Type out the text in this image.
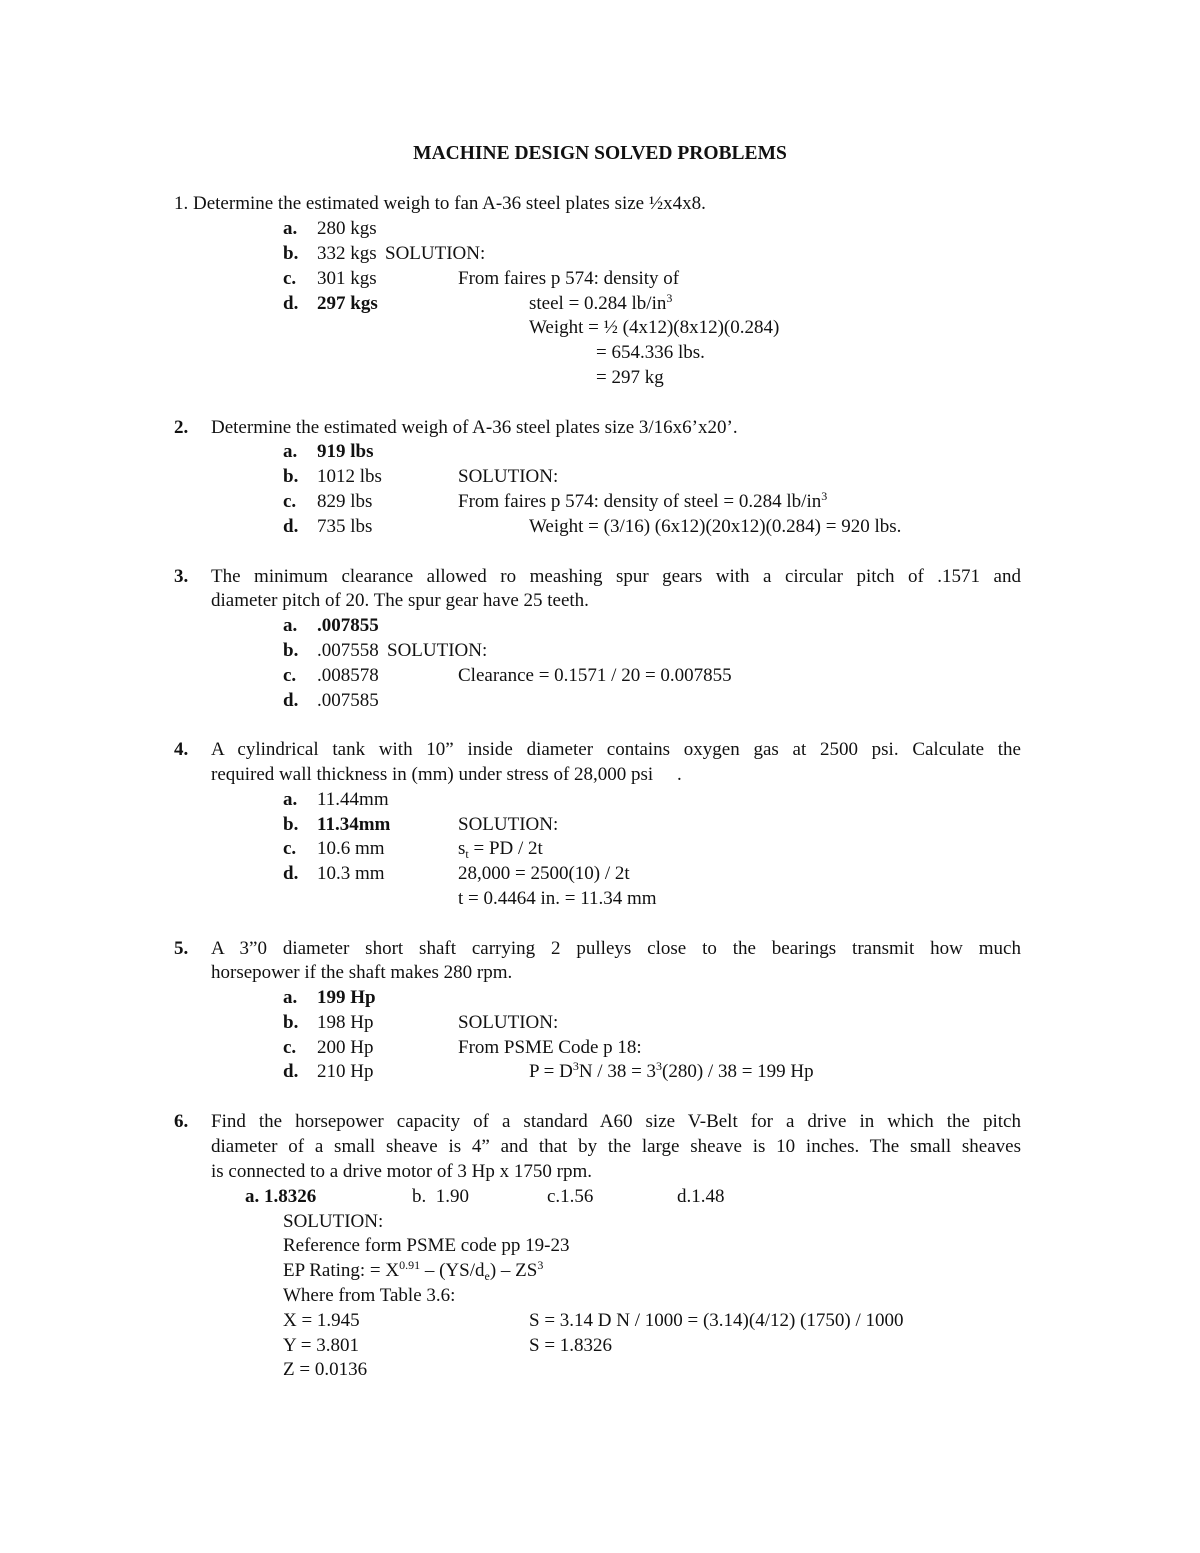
MACHINE DESIGN SOLVED PROBLEMS
1. Determine the estimated weigh to fan A-36 steel plates size ½x4x8.
a. 280 kgs
b. 332 kgs SOLUTION:
c. 301 kgs	From faires p 574: density of
d. 297 kgs	steel = 0.284 $lb/in^3$
Weight = ½ (4x12)(8x12)(0.284)
= 654.336 lbs.
= 297 kg
2. Determine the estimated weigh of A-36 steel plates size 3/16x6’x20’.
a. 919 lbs
b. 1012 lbs	SOLUTION:
c. 829 lbs	From faires p 574: density of steel = 0.284 $lb/in^3$
d. 735 lbs	Weight = (3/16) (6x12)(20x12)(0.284) = 920 lbs.
3. The minimum clearance allowed ro meashing spur gears with a circular pitch of .1571 and
diameter pitch of 20. The spur gear have 25 teeth.
a. .007855
b. .007558 SOLUTION:
c. .008578	Clearance = 0.1571 / 20 = 0.007855
d. .007585
4. A cylindrical tank with 10” inside diameter contains oxygen gas at 2500 psi. Calculate the
required wall thickness in (mm) under stress of 28,000 psi     .
a. 11.44mm
b. 11.34mm	SOLUTION:
c. 10.6 mm	$s_t$ = PD / 2t
d. 10.3 mm	28,000 = 2500(10) / 2t
t = 0.4464 in. = 11.34 mm
5. A 3”0 diameter short shaft carrying 2 pulleys close to the bearings transmit how much
horsepower if the shaft makes 280 rpm.
a. 199 Hp
b. 198 Hp	SOLUTION:
c. 200 Hp	From PSME Code p 18:
d. 210 Hp	$P = D^3N / 38 = 3^3(280) / 38 = 199$ Hp
6. Find the horsepower capacity of a standard A60 size V-Belt for a drive in which the pitch
diameter of a small sheave is 4” and that by the large sheave is 10 inches. The small sheaves
is connected to a drive motor of 3 Hp x 1750 rpm.
a. 1.8326	b.  1.90	c.1.56	d.1.48
SOLUTION:
Reference form PSME code pp 19-23
EP Rating: = $X^{0.91} - (YS/d_e) - ZS^3$
Where from Table 3.6:
X = 1.945	S = 3.14 D N / 1000 = (3.14)(4/12) (1750) / 1000
Y = 3.801	S = 1.8326
Z = 0.0136
